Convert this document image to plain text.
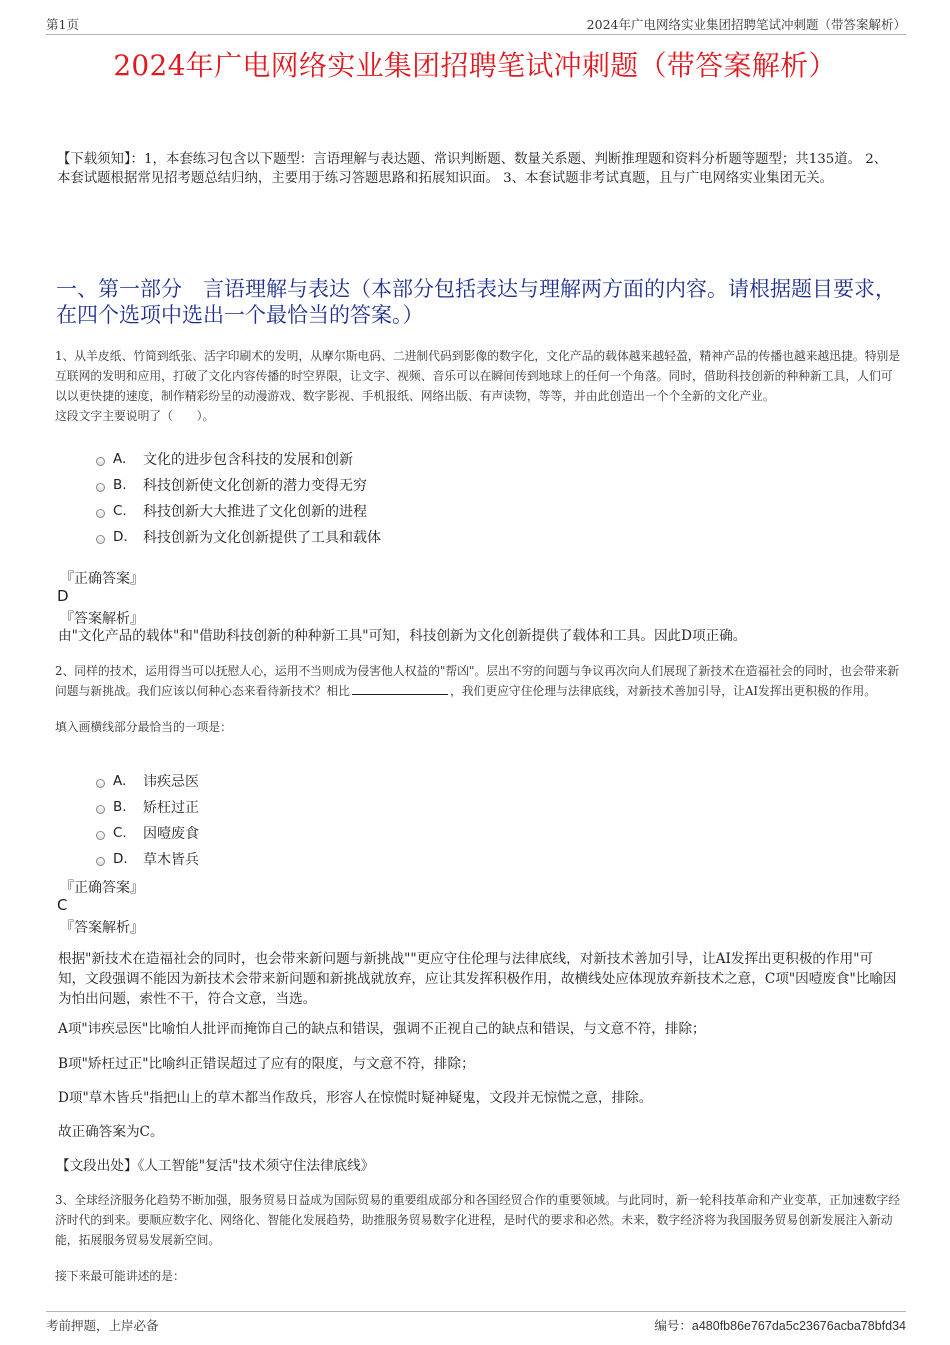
第1页	2024年广电网络实业集团招聘笔试冲刺题（带答案解析）
2024年广电网络实业集团招聘笔试冲刺题（带答案解析）
【下载须知】：1，本套练习包含以下题型：言语理解与表达题、常识判断题、数量关系题、判断推理题和资料分析题等题型；共135道。 2、本套试题根据常见招考题总结归纳，主要用于练习答题思路和拓展知识面。 3、本套试题非考试真题，且与广电网络实业集团无关。
一、第一部分　言语理解与表达（本部分包括表达与理解两方面的内容。请根据题目要求，在四个选项中选出一个最恰当的答案。）
1、从羊皮纸、竹简到纸张、活字印刷术的发明，从摩尔斯电码、二进制代码到影像的数字化，文化产品的载体越来越轻盈，精神产品的传播也越来越迅捷。特别是互联网的发明和应用，打破了文化内容传播的时空界限，让文字、视频、音乐可以在瞬间传到地球上的任何一个角落。同时，借助科技创新的种种新工具，人们可以以更快捷的速度，制作精彩纷呈的动漫游戏、数字影视、手机报纸、网络出版、有声读物，等等，并由此创造出一个个全新的文化产业。
这段文字主要说明了（　　）。
A.	文化的进步包含科技的发展和创新
B.	科技创新使文化创新的潜力变得无穷
C.	科技创新大大推进了文化创新的进程
D.	科技创新为文化创新提供了工具和载体
『正确答案』
D
『答案解析』
由"文化产品的载体"和"借助科技创新的种种新工具"可知，科技创新为文化创新提供了载体和工具。因此D项正确。
2、同样的技术，运用得当可以抚慰人心，运用不当则成为侵害他人权益的"帮凶"。层出不穷的问题与争议再次向人们展现了新技术在造福社会的同时，也会带来新问题与新挑战。我们应该以何种心态来看待新技术？相比	，我们更应守住伦理与法律底线，对新技术善加引导，让AI发挥出更积极的作用。
填入画横线部分最恰当的一项是：
A.	讳疾忌医
B.	矫枉过正
C.	因噎废食
D.	草木皆兵
『正确答案』
C
『答案解析』
根据"新技术在造福社会的同时，也会带来新问题与新挑战""更应守住伦理与法律底线，对新技术善加引导，让AI发挥出更积极的作用"可知，文段强调不能因为新技术会带来新问题和新挑战就放弃，应让其发挥积极作用，故横线处应体现放弃新技术之意，C项"因噎废食"比喻因为怕出问题，索性不干，符合文意，当选。
A项"讳疾忌医"比喻怕人批评而掩饰自己的缺点和错误，强调不正视自己的缺点和错误，与文意不符，排除；
B项"矫枉过正"比喻纠正错误超过了应有的限度，与文意不符，排除；
D项"草木皆兵"指把山上的草木都当作敌兵，形容人在惊慌时疑神疑鬼，文段并无惊慌之意，排除。
故正确答案为C。
【文段出处】《人工智能"复活"技术须守住法律底线》
3、全球经济服务化趋势不断加强，服务贸易日益成为国际贸易的重要组成部分和各国经贸合作的重要领域。与此同时，新一轮科技革命和产业变革，正加速数字经济时代的到来。要顺应数字化、网络化、智能化发展趋势，助推服务贸易数字化进程，是时代的要求和必然。未来，数字经济将为我国服务贸易创新发展注入新动能，拓展服务贸易发展新空间。
接下来最可能讲述的是：
考前押题，上岸必备	编号：a480fb86e767da5c23676acba78bfd34
